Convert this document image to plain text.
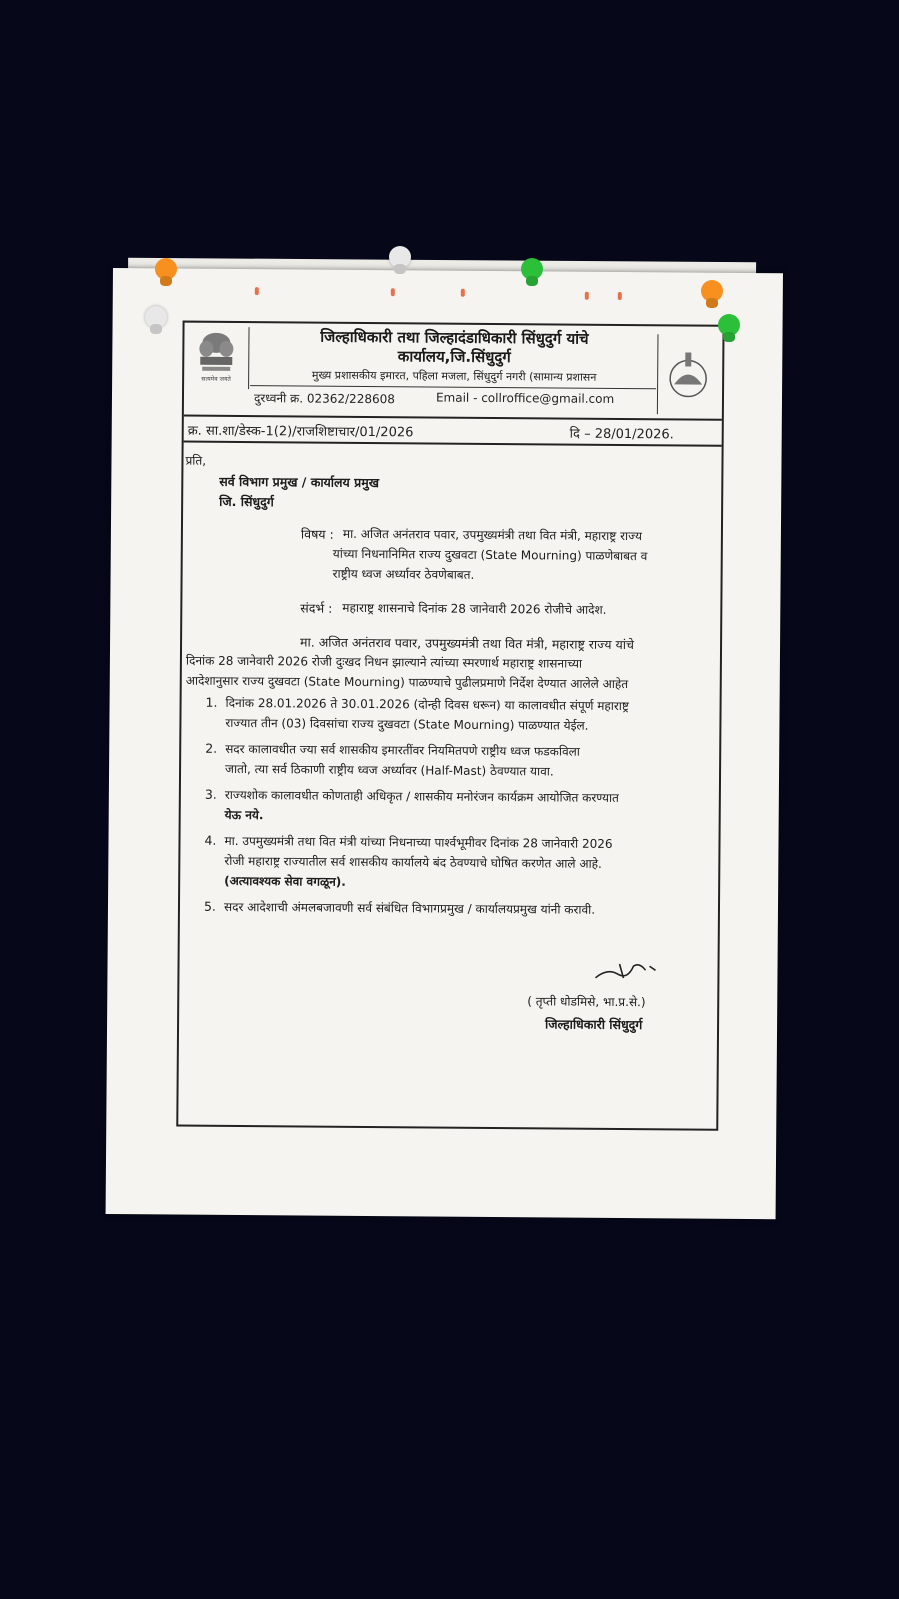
सत्यमेव जयते
जिल्हाधिकारी तथा जिल्हादंडाधिकारी सिंधुदुर्ग यांचे
कार्यालय,जि.सिंधुदुर्ग
मुख्य प्रशासकीय इमारत, पहिला मजला, सिंधुदुर्ग नगरी (सामान्य प्रशासन
दुरध्वनी क्र. 02362/228608	Email - collroffice@gmail.com
क्र. सा.शा/डेस्क-1(2)/राजशिष्टाचार/01/2026	दि – 28/01/2026.
प्रति,
सर्व विभाग प्रमुख / कार्यालय प्रमुख
जि. सिंधुदुर्ग
विषय : मा. अजित अनंतराव पवार, उपमुख्यमंत्री तथा वित मंत्री, महाराष्ट्र राज्य
यांच्या निधनानिमित राज्य दुखवटा (State Mourning) पाळणेबाबत व
राष्ट्रीय ध्वज अर्ध्यावर ठेवणेबाबत.
संदर्भ : महाराष्ट्र शासनाचे दिनांक 28 जानेवारी 2026 रोजीचे आदेश.
मा. अजित अनंतराव पवार, उपमुख्यमंत्री तथा वित मंत्री, महाराष्ट्र राज्य यांचे
दिनांक 28 जानेवारी 2026 रोजी दुःखद निधन झाल्याने त्यांच्या स्मरणार्थ महाराष्ट्र शासनाच्या
आदेशानुसार राज्य दुखवटा (State Mourning) पाळण्याचे पुढीलप्रमाणे निर्देश देण्यात आलेले आहेत
1. दिनांक 28.01.2026 ते 30.01.2026 (दोन्ही दिवस धरून) या कालावधीत संपूर्ण महाराष्ट्र
राज्यात तीन (03) दिवसांचा राज्य दुखवटा (State Mourning) पाळण्यात येईल.
2. सदर कालावधीत ज्या सर्व शासकीय इमारतींवर नियमितपणे राष्ट्रीय ध्वज फडकविला
जातो, त्या सर्व ठिकाणी राष्ट्रीय ध्वज अर्ध्यावर (Half-Mast) ठेवण्यात यावा.
3. राज्यशोक कालावधीत कोणताही अधिकृत / शासकीय मनोरंजन कार्यक्रम आयोजित करण्यात
येऊ नये.
4. मा. उपमुख्यमंत्री तथा वित मंत्री यांच्या निधनाच्या पार्श्वभूमीवर दिनांक 28 जानेवारी 2026
रोजी महाराष्ट्र राज्यातील सर्व शासकीय कार्यालये बंद ठेवण्याचे घोषित करणेत आले आहे.
(अत्यावश्यक सेवा वगळून).
5. सदर आदेशाची अंमलबजावणी सर्व संबंधित विभागप्रमुख / कार्यालयप्रमुख यांनी करावी.
( तृप्ती धोडमिसे, भा.प्र.से.)
जिल्हाधिकारी सिंधुदुर्ग
